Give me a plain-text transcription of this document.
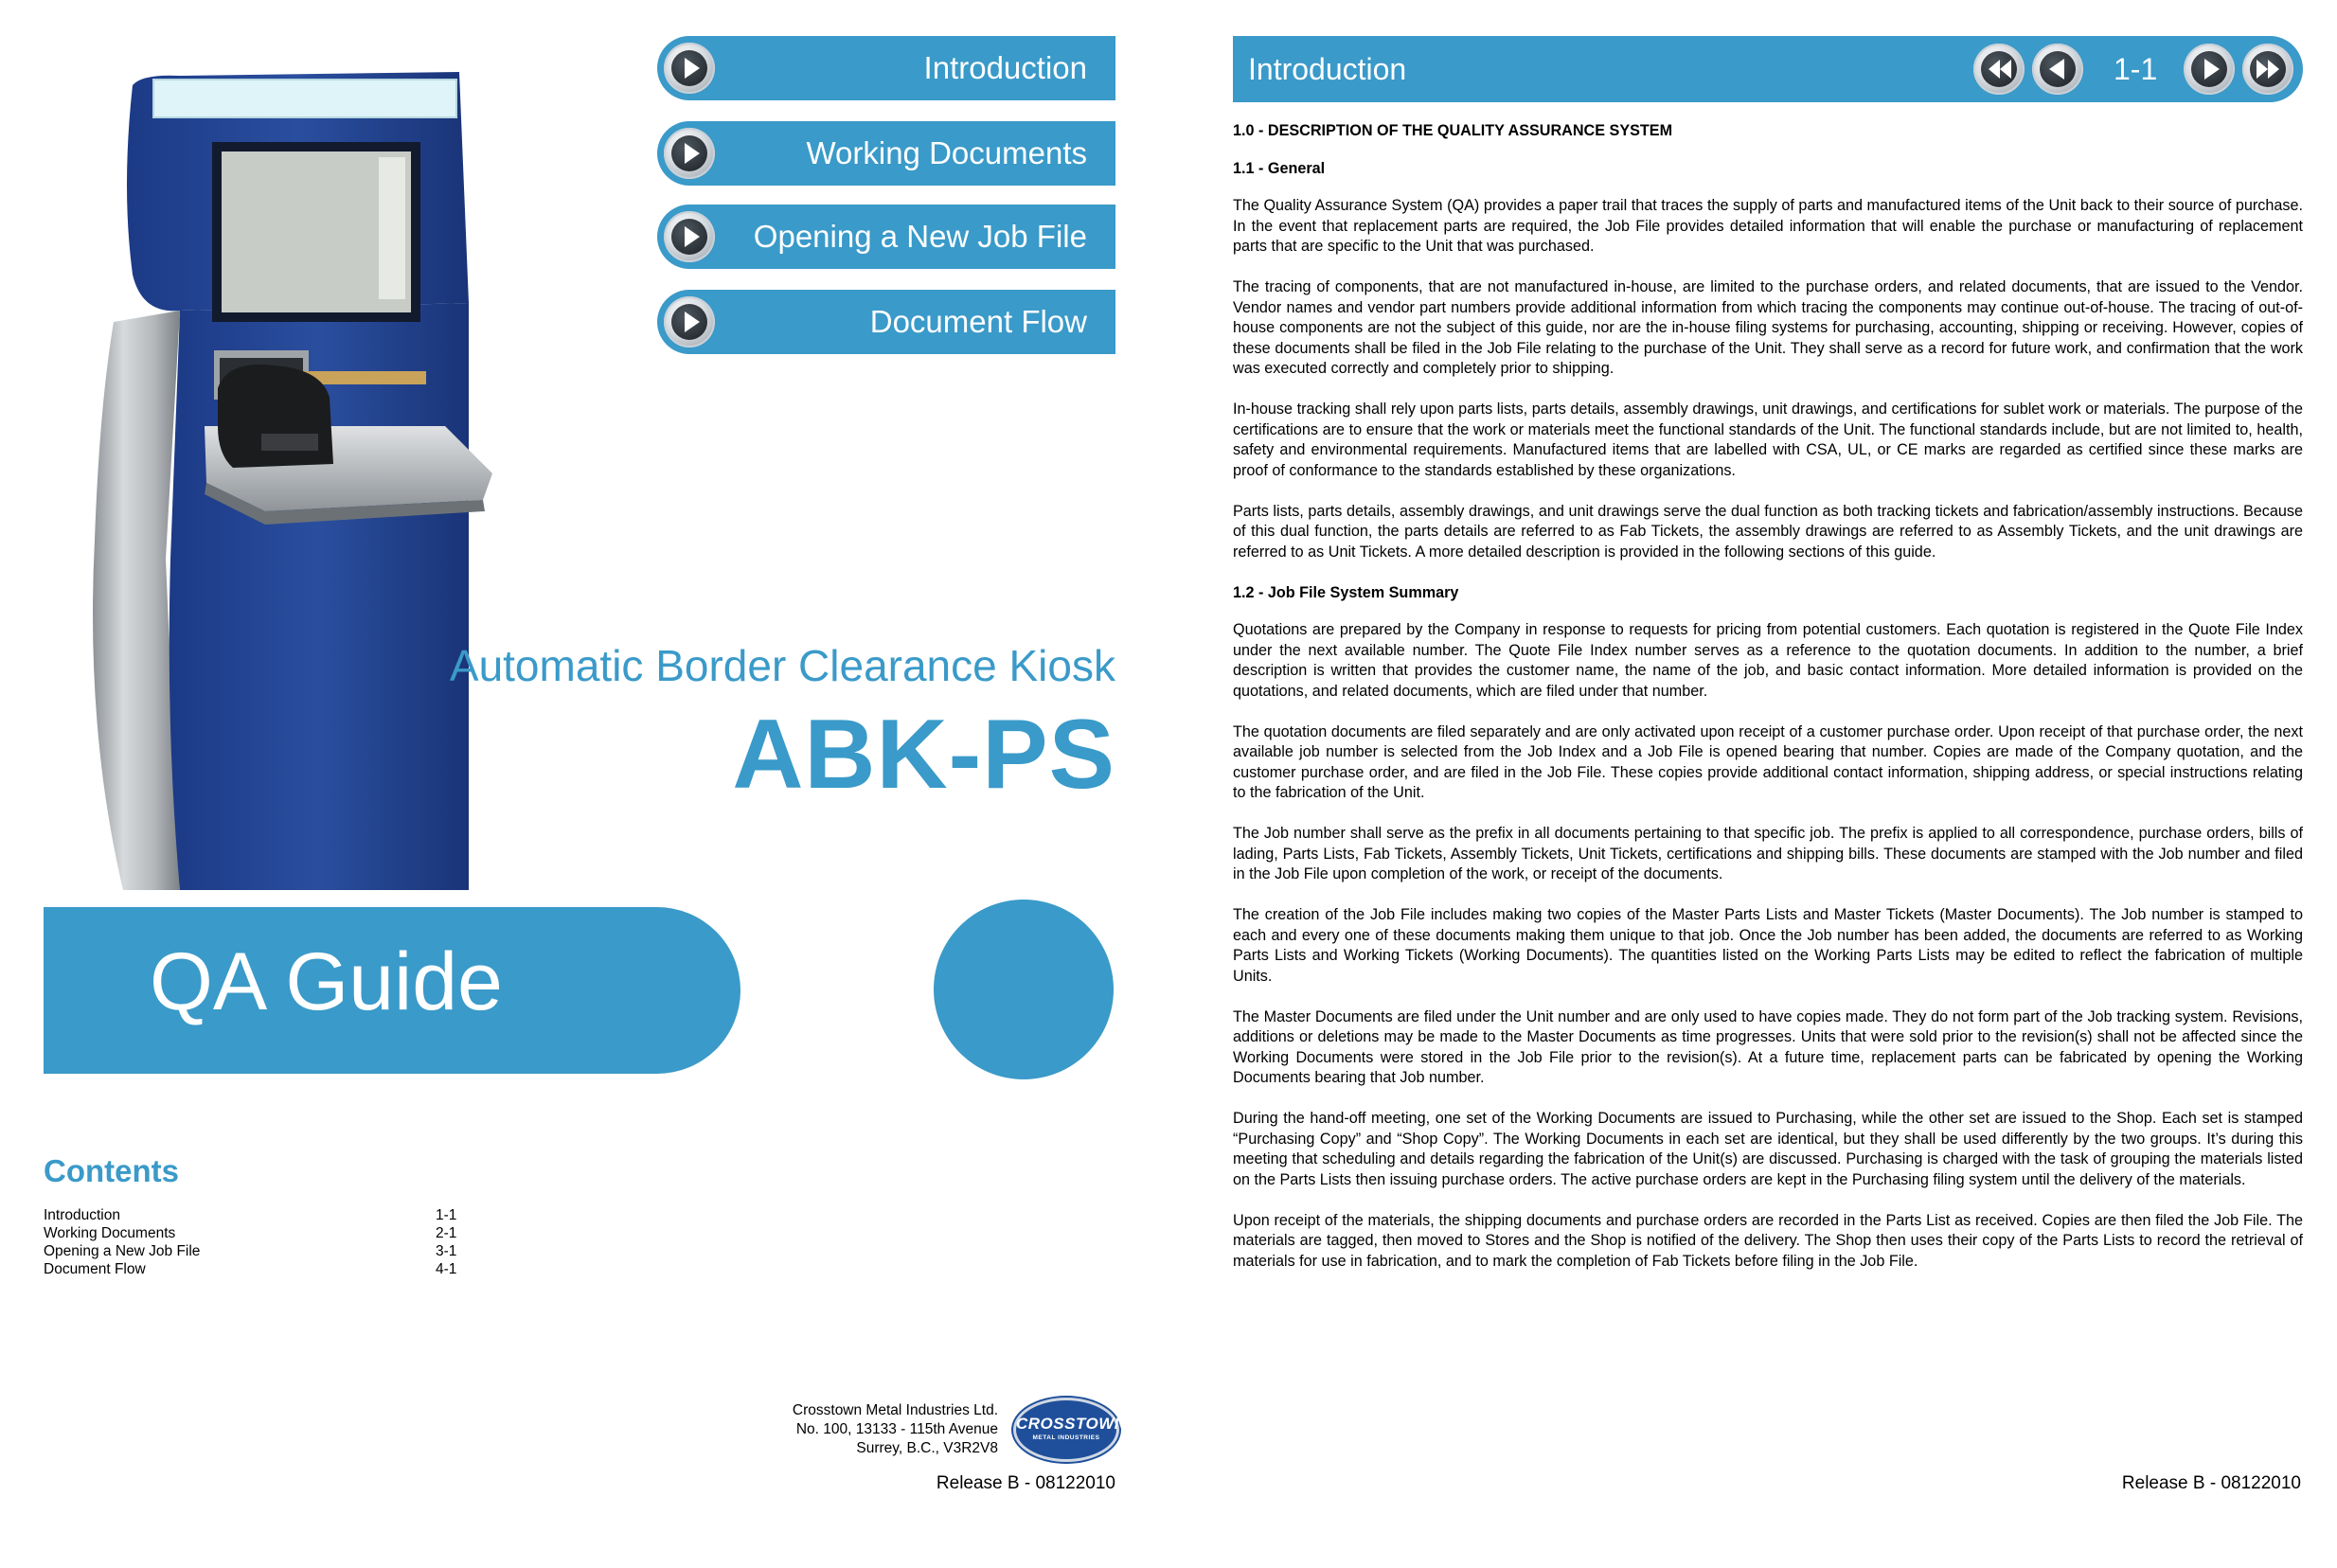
Introduction
Working Documents
Opening a New Job File
Document Flow
Automatic Border Clearance Kiosk
ABK-PS
QA Guide
Contents
Introduction	1-1
Working Documents	2-1
Opening a New Job File	3-1
Document Flow	4-1
Crosstown Metal Industries Ltd.
No. 100, 13133 - 115th Avenue
Surrey, B.C., V3R2V8
CROSSTOWN
METAL INDUSTRIES
Release B - 08122010
Introduction	1-1
1.0 - DESCRIPTION OF THE QUALITY ASSURANCE SYSTEM
1.1 - General

The Quality Assurance System (QA) provides a paper trail that traces the supply of parts and manufactured items of the Unit back to their source of purchase. In the event that replacement parts are required, the Job File provides detailed information that will enable the purchase or manufacturing of replacement parts that are specific to the Unit that was purchased.

The tracing of components, that are not manufactured in-house, are limited to the purchase orders, and related documents, that are issued to the Vendor. Vendor names and vendor part numbers provide additional information from which tracing the components may continue out-of-house. The tracing of out-of-house components are not the subject of this guide, nor are the in-house filing systems for purchasing, accounting, shipping or receiving. However, copies of these documents shall be filed in the Job File relating to the purchase of the Unit. They shall serve as a record for future work, and confirmation that the work was executed correctly and completely prior to shipping.

In-house tracking shall rely upon parts lists, parts details, assembly drawings, unit drawings, and certifications for sublet work or materials. The purpose of the certifications are to ensure that the work or materials meet the functional standards of the Unit. The functional standards include, but are not limited to, health, safety and environmental requirements. Manufactured items that are labelled with CSA, UL, or CE marks are regarded as certified since these marks are proof of conformance to the standards established by these organizations.

Parts lists, parts details, assembly drawings, and unit drawings serve the dual function as both tracking tickets and fabrication/assembly instructions. Because of this dual function, the parts details are referred to as Fab Tickets, the assembly drawings are referred to as Assembly Tickets, and the unit drawings are referred to as Unit Tickets. A more detailed description is provided in the following sections of this guide.

1.2 - Job File System Summary

Quotations are prepared by the Company in response to requests for pricing from potential customers. Each quotation is registered in the Quote File Index under the next available number. The Quote File Index number serves as a reference to the quotation documents. In addition to the number, a brief description is written that provides the customer name, the name of the job, and basic contact information. More detailed information is provided on the quotations, and related documents, which are filed under that number.

The quotation documents are filed separately and are only activated upon receipt of a customer purchase order. Upon receipt of that purchase order, the next available job number is selected from the Job Index and a Job File is opened bearing that number. Copies are made of the Company quotation, and the customer purchase order, and are filed in the Job File. These copies provide additional contact information, shipping address, or special instructions relating to the fabrication of the Unit.

The Job number shall serve as the prefix in all documents pertaining to that specific job. The prefix is applied to all correspondence, purchase orders, bills of lading, Parts Lists, Fab Tickets, Assembly Tickets, Unit Tickets, certifications and shipping bills. These documents are stamped with the Job number and filed in the Job File upon completion of the work, or receipt of the documents.

The creation of the Job File includes making two copies of the Master Parts Lists and Master Tickets (Master Documents). The Job number is stamped to each and every one of these documents making them unique to that job. Once the Job number has been added, the documents are referred to as Working Parts Lists and Working Tickets (Working Documents). The quantities listed on the Working Parts Lists may be edited to reflect the fabrication of multiple Units.

The Master Documents are filed under the Unit number and are only used to have copies made. They do not form part of the Job tracking system. Revisions, additions or deletions may be made to the Master Documents as time progresses. Units that were sold prior to the revision(s) shall not be affected since the Working Documents were stored in the Job File prior to the revision(s). At a future time, replacement parts can be fabricated by opening the Working Documents bearing that Job number.

During the hand-off meeting, one set of the Working Documents are issued to Purchasing, while the other set are issued to the Shop. Each set is stamped “Purchasing Copy” and “Shop Copy”. The Working Documents in each set are identical, but they shall be used differently by the two groups. It’s during this meeting that scheduling and details regarding the fabrication of the Unit(s) are discussed. Purchasing is charged with the task of grouping the materials listed on the Parts Lists then issuing purchase orders. The active purchase orders are kept in the Purchasing filing system until the delivery of the materials.

Upon receipt of the materials, the shipping documents and purchase orders are recorded in the Parts List as received. Copies are then filed the Job File. The materials are tagged, then moved to Stores and the Shop is notified of the delivery. The Shop then uses their copy of the Parts Lists to record the retrieval of materials for use in fabrication, and to mark the completion of Fab Tickets before filing in the Job File.

Release B - 08122010
